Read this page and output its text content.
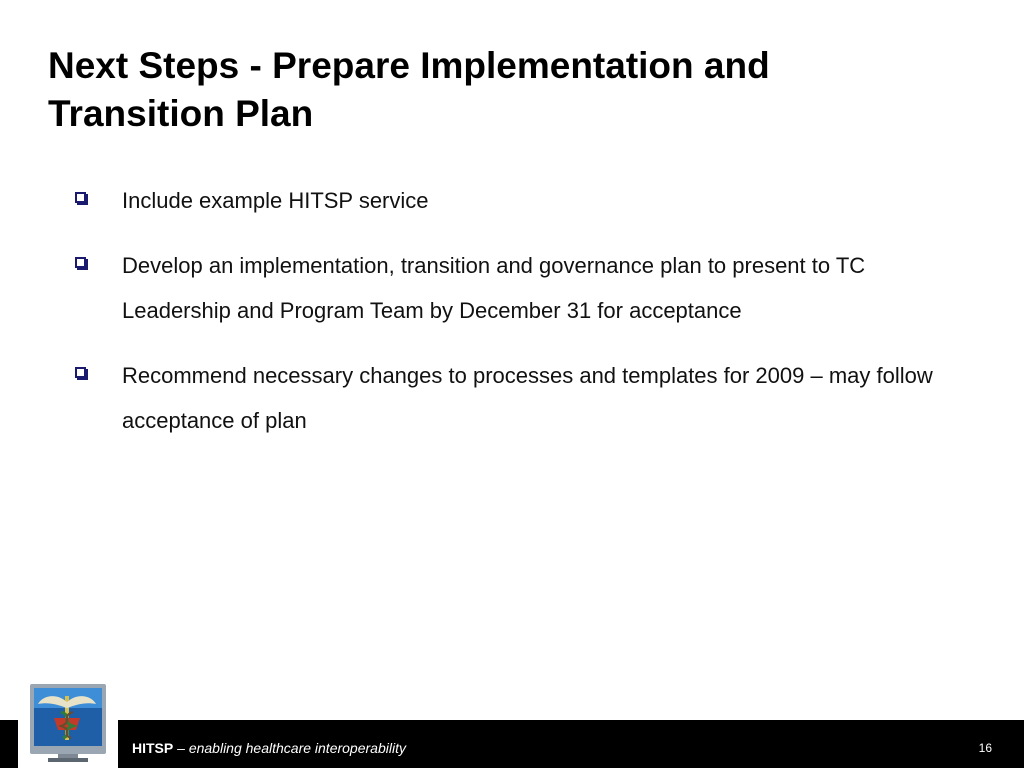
Next Steps - Prepare Implementation and Transition Plan
Include example HITSP service
Develop an implementation, transition and governance plan to present to TC Leadership and Program Team by December 31 for acceptance
Recommend necessary changes to processes and templates for 2009 – may follow acceptance of plan
HITSP – enabling healthcare interoperability	16
